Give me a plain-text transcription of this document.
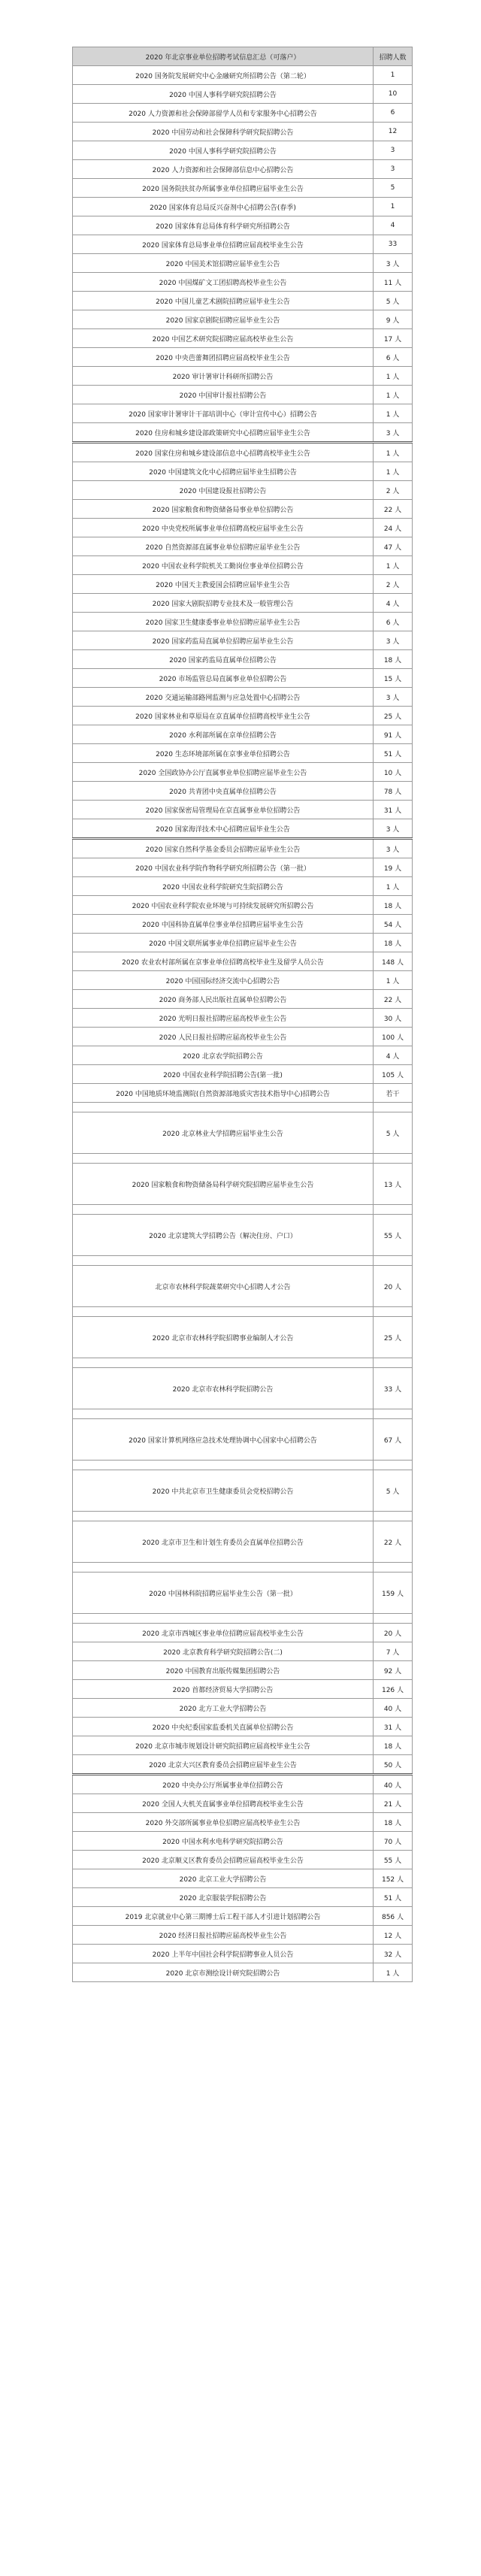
2020 年北京事业单位招聘考试信息汇总（可落户）	招聘人数
2020 国务院发展研究中心金融研究所招聘公告（第二轮）	1
2020 中国人事科学研究院招聘公告	10
2020 人力资源和社会保障部留学人员和专家服务中心招聘公告	6
2020 中国劳动和社会保障科学研究院招聘公告	12
2020 中国人事科学研究院招聘公告	3
2020 人力资源和社会保障部信息中心招聘公告	3
2020 国务院扶贫办所属事业单位招聘应届毕业生公告	5
2020 国家体育总局反兴奋剂中心招聘公告(春季)	1
2020 国家体育总局体育科学研究所招聘公告	4
2020 国家体育总局事业单位招聘应届高校毕业生公告	33
2020 中国美术馆招聘应届毕业生公告	3 人
2020 中国煤矿文工团招聘高校毕业生公告	11 人
2020 中国儿童艺术剧院招聘应届毕业生公告	5 人
2020 国家京剧院招聘应届毕业生公告	9 人
2020 中国艺术研究院招聘应届高校毕业生公告	17 人
2020 中央芭蕾舞团招聘应届高校毕业生公告	6 人
2020 审计署审计科研所招聘公告	1 人
2020 中国审计报社招聘公告	1 人
2020 国家审计署审计干部培训中心（审计宣传中心）招聘公告	1 人
2020 住房和城乡建设部政策研究中心招聘应届毕业生公告	3 人
2020 国家住房和城乡建设部信息中心招聘高校毕业生公告	1 人
2020 中国建筑文化中心招聘应届毕业生招聘公告	1 人
2020 中国建设报社招聘公告	2 人
2020 国家粮食和物资储备局事业单位招聘公告	22 人
2020 中央党校所属事业单位招聘高校应届毕业生公告	24 人
2020 自然资源部直属事业单位招聘应届毕业生公告	47 人
2020 中国农业科学院机关工勤岗位事业单位招聘公告	1 人
2020 中国天主教爱国会招聘应届毕业生公告	2 人
2020 国家大剧院招聘专业技术及一般管理公告	4 人
2020 国家卫生健康委事业单位招聘应届毕业生公告	6 人
2020 国家药监局直属单位招聘应届毕业生公告	3 人
2020 国家药监局直属单位招聘公告	18 人
2020 市场监管总局直属事业单位招聘公告	15 人
2020 交通运输部路网监测与应急处置中心招聘公告	3 人
2020 国家林业和草原局在京直属单位招聘高校毕业生公告	25 人
2020 水利部所属在京单位招聘公告	91 人
2020 生态环境部所属在京事业单位招聘公告	51 人
2020 全国政协办公厅直属事业单位招聘应届毕业生公告	10 人
2020 共青团中央直属单位招聘公告	78 人
2020 国家保密局管理局在京直属事业单位招聘公告	31 人
2020 国家海洋技术中心招聘应届毕业生公告	3 人
2020 国家自然科学基金委员会招聘应届毕业生公告	3 人
2020 中国农业科学院作物科学研究所招聘公告（第一批）	19 人
2020 中国农业科学院研究生院招聘公告	1 人
2020 中国农业科学院农业环境与可持续发展研究所招聘公告	18 人
2020 中国科协直属单位事业单位招聘应届毕业生公告	54 人
2020 中国文联所属事业单位招聘应届毕业生公告	18 人
2020 农业农村部所属在京事业单位招聘高校毕业生及留学人员公告	148 人
2020 中国国际经济交流中心招聘公告	1 人
2020 商务部人民出版社直属单位招聘公告	22 人
2020 光明日报社招聘应届高校毕业生公告	30 人
2020 人民日报社招聘应届高校毕业生公告	100 人
2020 北京农学院招聘公告	4 人
2020 中国农业科学院招聘公告(第一批)	105 人
2020 中国地质环境监测院(自然资源部地质灾害技术指导中心)招聘公告	若干

2020 北京林业大学招聘应届毕业生公告	5 人

2020 国家粮食和物资储备局科学研究院招聘应届毕业生公告	13 人

2020 北京建筑大学招聘公告（解决住房、户口）	55 人

北京市农林科学院蔬菜研究中心招聘人才公告	20 人

2020 北京市农林科学院招聘事业编制人才公告	25 人

2020 北京市农林科学院招聘公告	33 人

2020 国家计算机网络应急技术处理协调中心国家中心招聘公告	67 人

2020 中共北京市卫生健康委员会党校招聘公告	5 人

2020 北京市卫生和计划生育委员会直属单位招聘公告	22 人

2020 中国林科院招聘应届毕业生公告（第一批）	159 人

2020 北京市西城区事业单位招聘应届高校毕业生公告	20 人
2020 北京教育科学研究院招聘公告(二)	7 人
2020 中国教育出版传媒集团招聘公告	92 人
2020 首都经济贸易大学招聘公告	126 人
2020 北方工业大学招聘公告	40 人
2020 中央纪委国家监委机关直属单位招聘公告	31 人
2020 北京市城市规划设计研究院招聘应届高校毕业生公告	18 人
2020 北京大兴区教育委员会招聘应届毕业生公告	50 人
2020 中央办公厅所属事业单位招聘公告	40 人
2020 全国人大机关直属事业单位招聘高校毕业生公告	21 人
2020 外交部所属事业单位招聘应届高校毕业生公告	18 人
2020 中国水利水电科学研究院招聘公告	70 人
2020 北京顺义区教育委员会招聘应届高校毕业生公告	55 人
2020 北京工业大学招聘公告	152 人
2020 北京服装学院招聘公告	51 人
2019 北京就业中心第三期博士后工程干部人才引进计划招聘公告	856 人
2020 经济日报社招聘应届高校毕业生公告	12 人
2020 上半年中国社会科学院招聘事业人员公告	32 人
2020 北京市测绘设计研究院招聘公告	1 人
